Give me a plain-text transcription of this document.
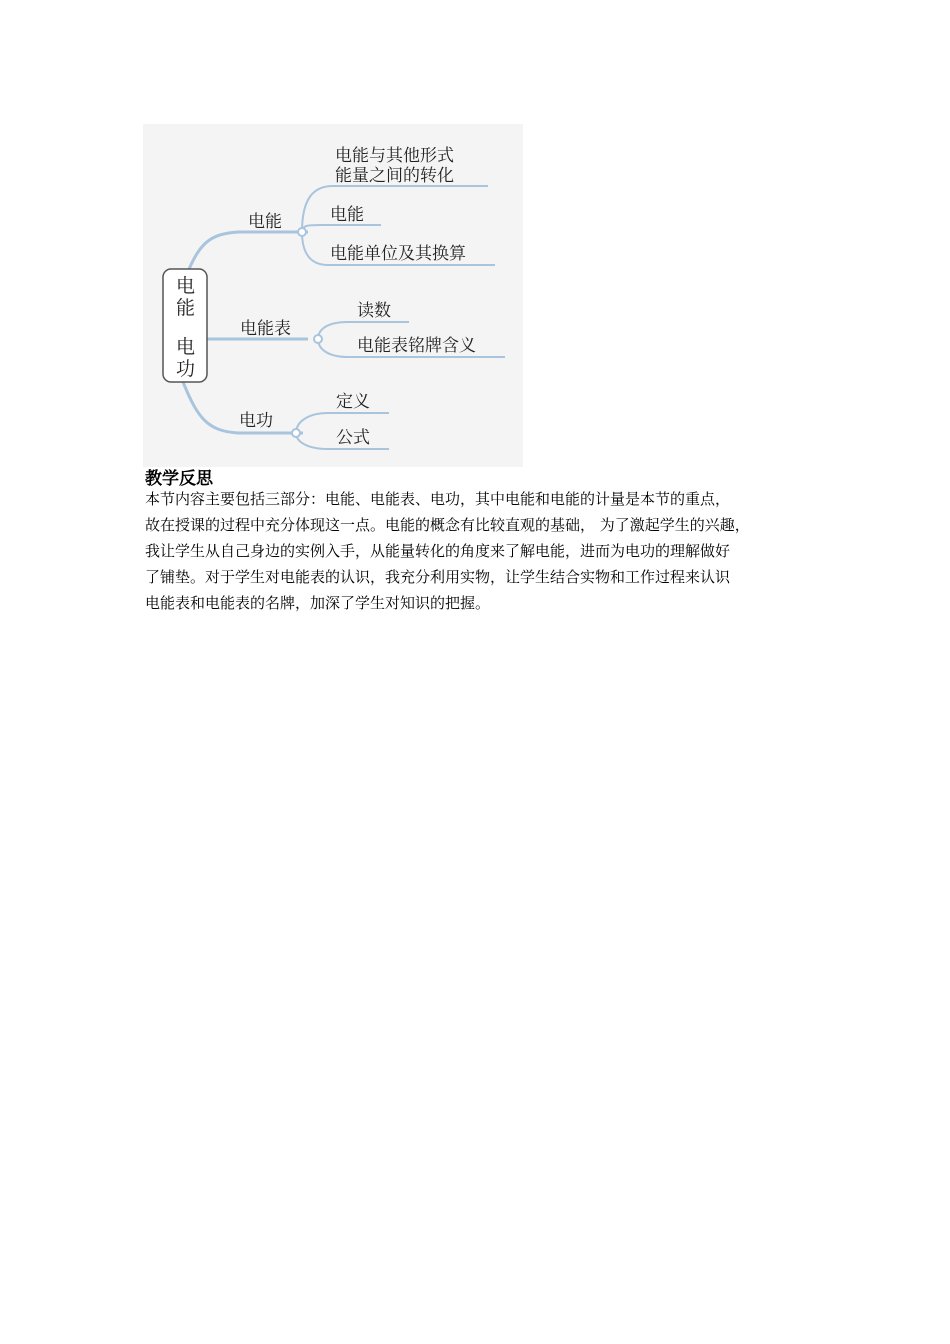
电
能
电
功
电能
电能表
电功
电能与其他形式
能量之间的转化
电能
电能单位及其换算
读数
电能表铭牌含义
定义
公式
教学反思
本节内容主要包括三部分：电能、电能表、电功，其中电能和电能的计量是本节的重点，
故在授课的过程中充分体现这一点。电能的概念有比较直观的基础， 为了激起学生的兴趣，
我让学生从自己身边的实例入手，从能量转化的角度来了解电能，进而为电功的理解做好
了铺垫。对于学生对电能表的认识，我充分利用实物，让学生结合实物和工作过程来认识
电能表和电能表的名牌，加深了学生对知识的把握。
